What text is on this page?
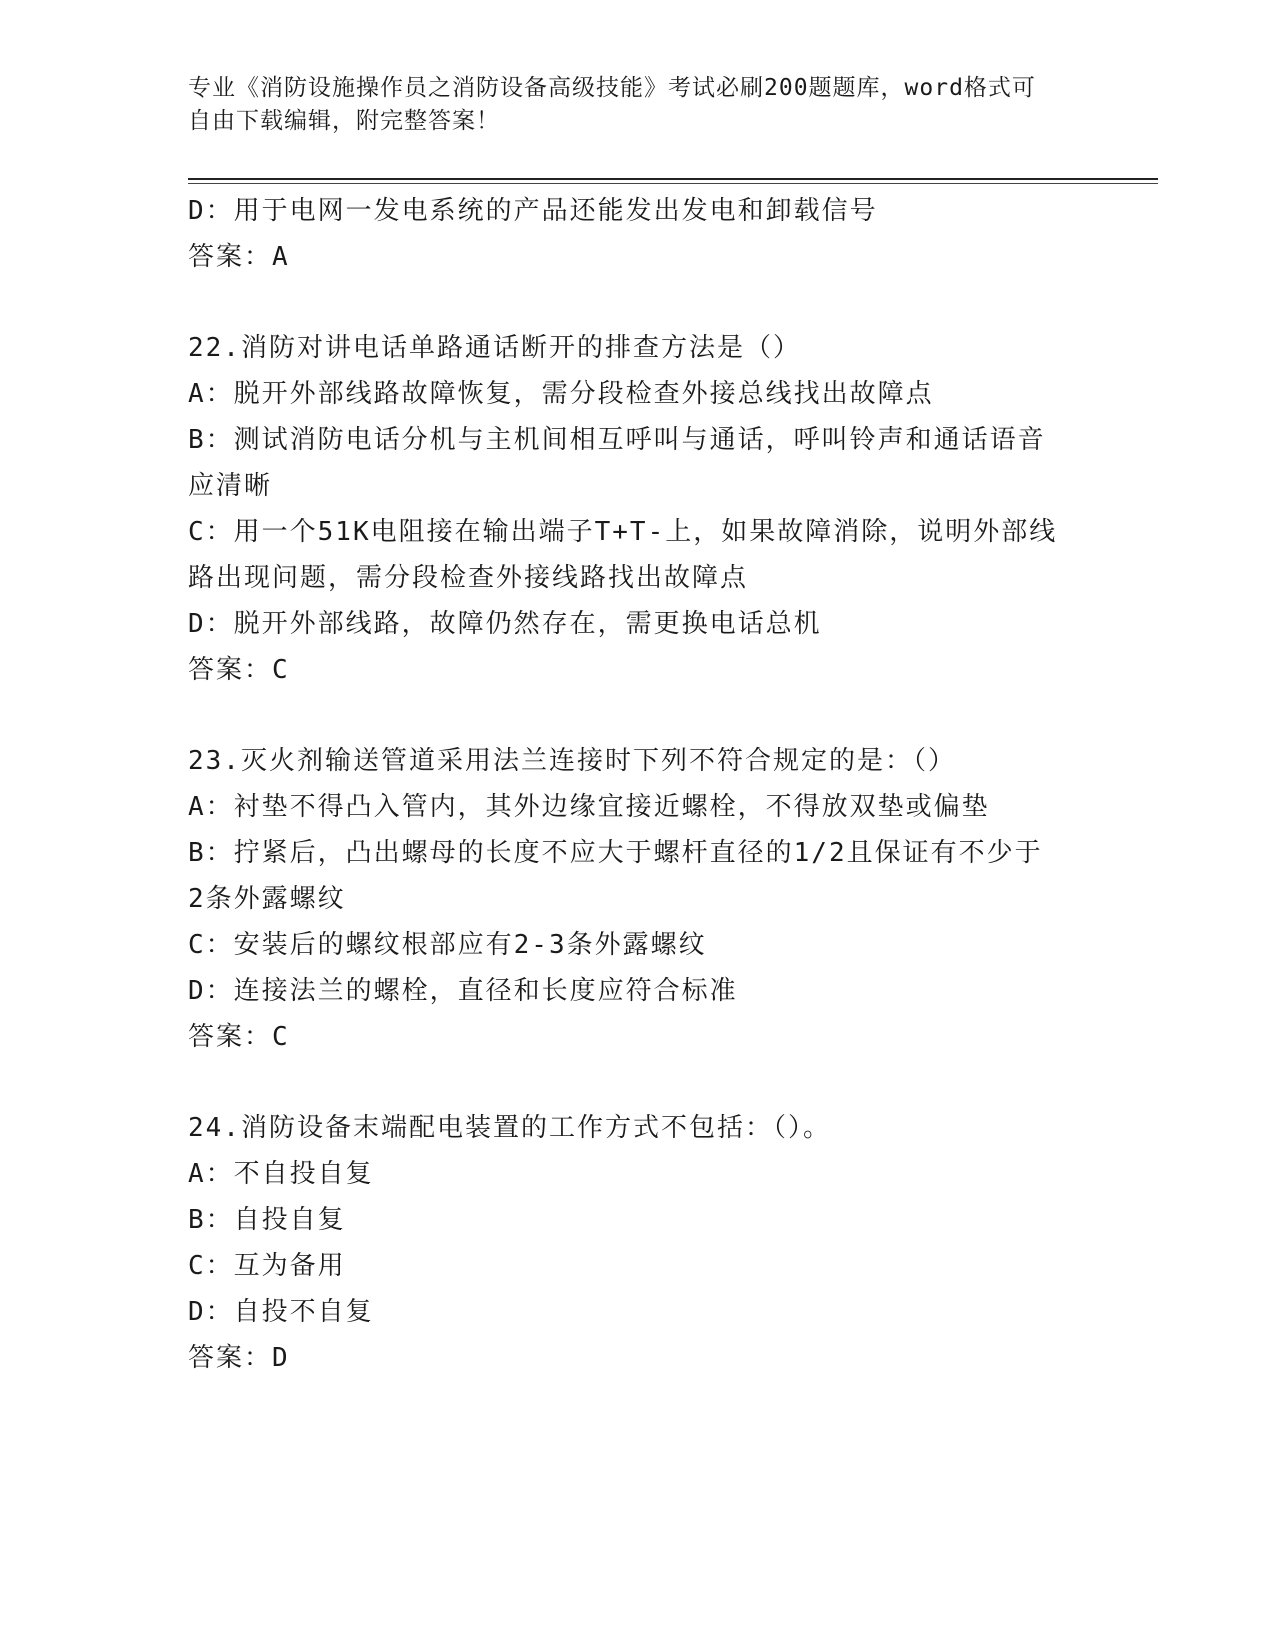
专业《消防设施操作员之消防设备高级技能》考试必刷200题题库，word格式可
自由下载编辑，附完整答案！
D：用于电网一发电系统的产品还能发出发电和卸载信号
答案：A
22.消防对讲电话单路通话断开的排查方法是（）
A：脱开外部线路故障恢复，需分段检查外接总线找出故障点
B：测试消防电话分机与主机间相互呼叫与通话，呼叫铃声和通话语音
应清晰
C：用一个51K电阻接在输出端子T+T-上，如果故障消除，说明外部线
路出现问题，需分段检查外接线路找出故障点
D：脱开外部线路，故障仍然存在，需更换电话总机
答案：C
23.灭火剂输送管道采用法兰连接时下列不符合规定的是：（）
A：衬垫不得凸入管内，其外边缘宜接近螺栓，不得放双垫或偏垫
B：拧紧后，凸出螺母的长度不应大于螺杆直径的1/2且保证有不少于
2条外露螺纹
C：安装后的螺纹根部应有2-3条外露螺纹
D：连接法兰的螺栓，直径和长度应符合标准
答案：C
24.消防设备末端配电装置的工作方式不包括：（）。
A：不自投自复
B：自投自复
C：互为备用
D：自投不自复
答案：D
